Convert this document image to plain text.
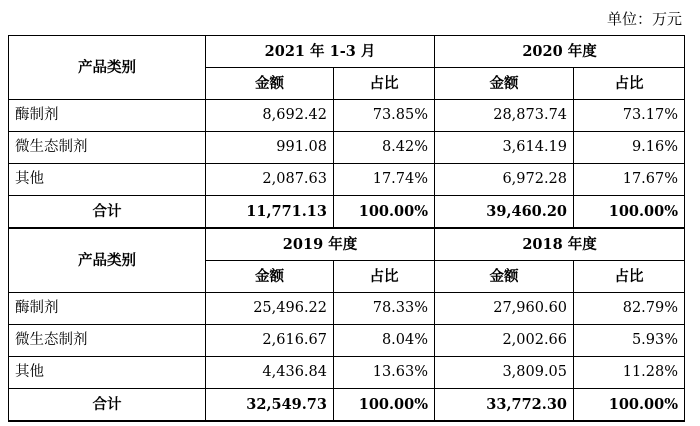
单位：万元
产品类别	2021 年 1-3 月		2020 年度	
	金额	占比	金额	占比
酶制剂	8,692.42	73.85%	28,873.74	73.17%
微生态制剂	991.08	8.42%	3,614.19	9.16%
其他	2,087.63	17.74%	6,972.28	17.67%
合计	11,771.13	100.00%	39,460.20	100.00%
产品类别	2019 年度		2018 年度	
	金额	占比	金额	占比
酶制剂	25,496.22	78.33%	27,960.60	82.79%
微生态制剂	2,616.67	8.04%	2,002.66	5.93%
其他	4,436.84	13.63%	3,809.05	11.28%
合计	32,549.73	100.00%	33,772.30	100.00%
